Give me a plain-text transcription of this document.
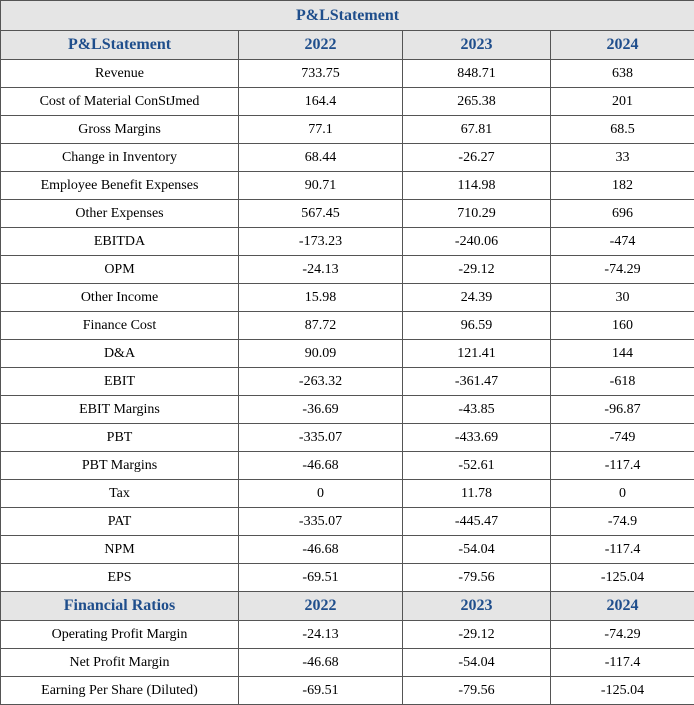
P&LStatement			
P&LStatement	2022	2023	2024
Revenue	733.75	848.71	638
Cost of Material ConStJmed	164.4	265.38	201
Gross Margins	77.1	67.81	68.5
Change in Inventory	68.44	-26.27	33
Employee Benefit Expenses	90.71	114.98	182
Other Expenses	567.45	710.29	696
EBITDA	-173.23	-240.06	-474
OPM	-24.13	-29.12	-74.29
Other Income	15.98	24.39	30
Finance Cost	87.72	96.59	160
D&A	90.09	121.41	144
EBIT	-263.32	-361.47	-618
EBIT Margins	-36.69	-43.85	-96.87
PBT	-335.07	-433.69	-749
PBT Margins	-46.68	-52.61	-117.4
Tax	0	11.78	0
PAT	-335.07	-445.47	-74.9
NPM	-46.68	-54.04	-117.4
EPS	-69.51	-79.56	-125.04
Financial Ratios	2022	2023	2024
Operating Profit Margin	-24.13	-29.12	-74.29
Net Profit Margin	-46.68	-54.04	-117.4
Earning Per Share (Diluted)	-69.51	-79.56	-125.04
